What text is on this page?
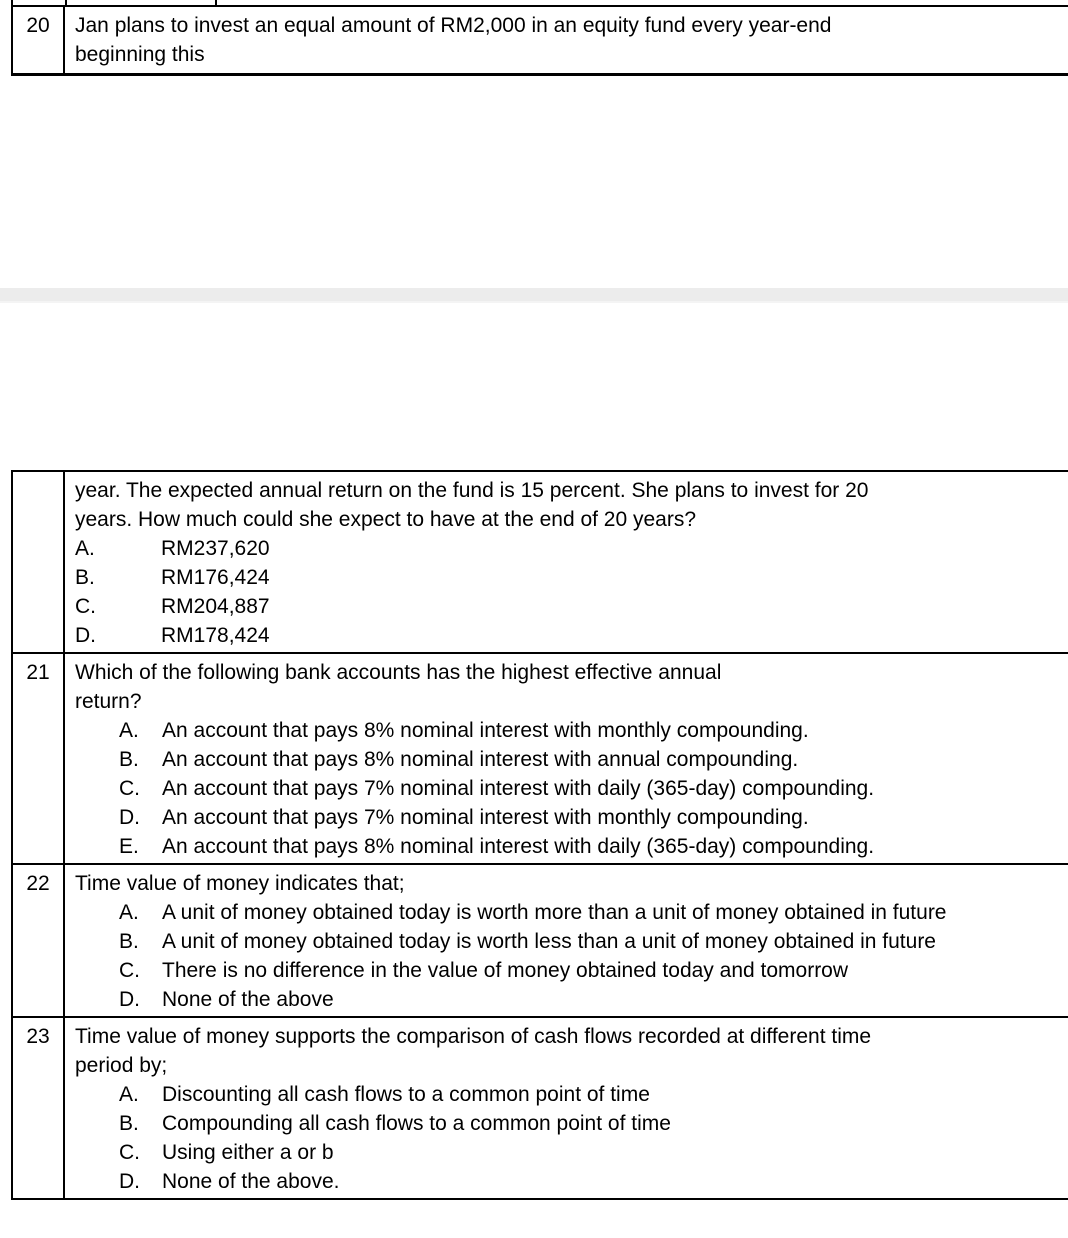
20	Jan plans to invest an equal amount of RM2,000 in an equity fund every year-end
beginning this
year. The expected annual return on the fund is 15 percent. She plans to invest for 20
years. How much could she expect to have at the end of 20 years?
A.	RM237,620
B.	RM176,424
C.	RM204,887
D.	RM178,424
21	Which of the following bank accounts has the highest effective annual
return?
A.	An account that pays 8% nominal interest with monthly compounding.
B.	An account that pays 8% nominal interest with annual compounding.
C.	An account that pays 7% nominal interest with daily (365-day) compounding.
D.	An account that pays 7% nominal interest with monthly compounding.
E.	An account that pays 8% nominal interest with daily (365-day) compounding.
22	Time value of money indicates that;
A.	A unit of money obtained today is worth more than a unit of money obtained in future
B.	A unit of money obtained today is worth less than a unit of money obtained in future
C.	There is no difference in the value of money obtained today and tomorrow
D.	None of the above
23	Time value of money supports the comparison of cash flows recorded at different time
period by;
A.	Discounting all cash flows to a common point of time
B.	Compounding all cash flows to a common point of time
C.	Using either a or b
D.	None of the above.
